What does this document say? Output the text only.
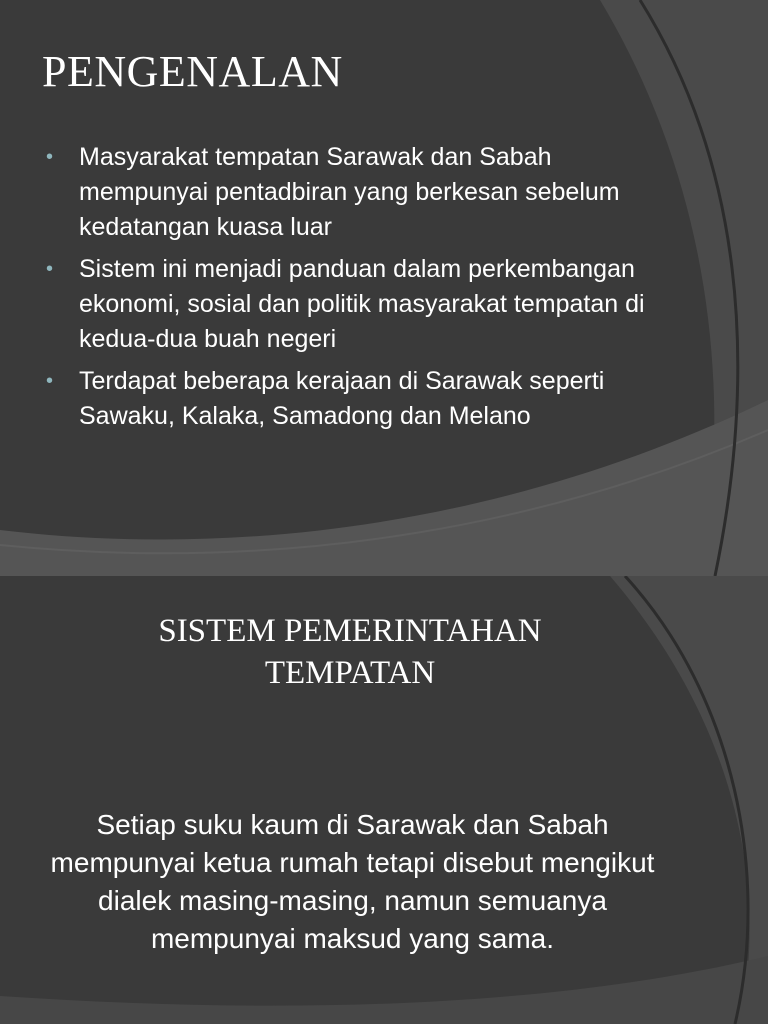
PENGENALAN
• Masyarakat tempatan Sarawak dan Sabah mempunyai pentadbiran yang berkesan sebelum kedatangan kuasa luar
• Sistem ini menjadi panduan dalam perkembangan ekonomi, sosial dan politik masyarakat tempatan di kedua-dua buah negeri
• Terdapat beberapa kerajaan di Sarawak seperti Sawaku, Kalaka, Samadong dan Melano
SISTEM PEMERINTAHAN
TEMPATAN

Setiap suku kaum di Sarawak dan Sabah mempunyai ketua rumah tetapi disebut mengikut dialek masing-masing, namun semuanya mempunyai maksud yang sama.
